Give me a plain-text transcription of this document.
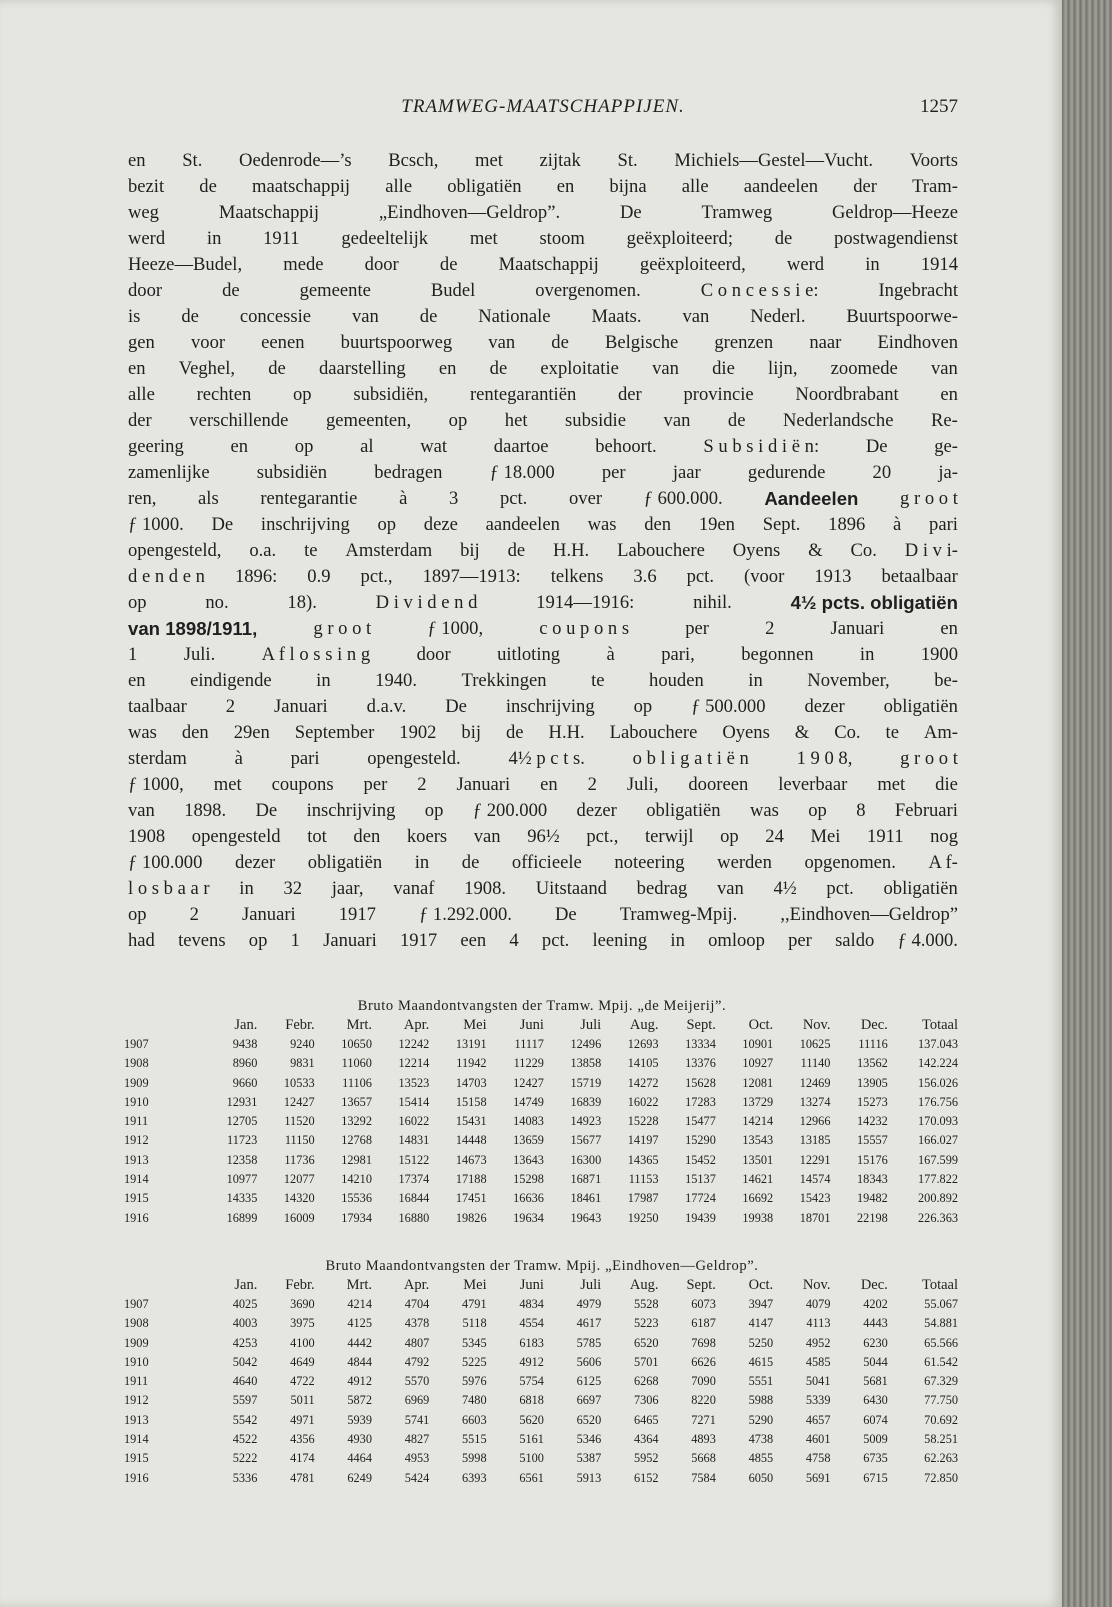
TRAMWEG-MAATSCHAPPIJEN.	1257
en St. Oedenrode—’s Bcsch, met zijtak St. Michiels—Gestel—Vucht. Voorts
bezit de maatschappij alle obligatiën en bijna alle aandeelen der Tram-
weg	Maatschappij	„Eindhoven—Geldrop”.	De	Tramweg	Geldrop—Heeze
werd in 1911 gedeeltelijk met stoom geëxploiteerd; de postwagendienst
Heeze—Budel, mede door de Maatschappij geëxploiteerd, werd in 1914
door	de	gemeente	Budel	overgenomen.	C o n c e s s i e:	Ingebracht
is de concessie van de Nationale Maats. van Nederl. Buurtspoorwe-
gen voor eenen buurtspoorweg van de Belgische grenzen naar Eindhoven
en Veghel, de daarstelling en de exploitatie van die lijn, zoomede van
alle rechten op subsidiën, rentegarantiën der provincie Noordbrabant en
der verschillende gemeenten, op het subsidie van de Nederlandsche Re-
geering	en	op	al	wat	daartoe	behoort.	S u b s i d i ë n:	De	ge-
zamenlijke	subsidiën	bedragen	ƒ 18.000	per	jaar	gedurende	20	ja-
ren, als rentegarantie à 3 pct. over ƒ 600.000. Aandeelen g r o o t
ƒ 1000. De inschrijving op deze aandeelen was den 19en Sept. 1896 à pari
opengesteld, o.a. te Amsterdam bij de H.H. Labouchere Oyens & Co. D i v i-
d e n d e n 1896: 0.9 pct., 1897—1913: telkens 3.6 pct. (voor 1913 betaalbaar
op	no.	18).	D i v i d e n d	1914—1916:	nihil.	4½ pcts. obligatiën
van 1898/1911,	g r o o t	ƒ 1000,	c o u p o n s	per	2	Januari	en
1 Juli. A f l o s s i n g door uitloting à pari, begonnen in 1900
en eindigende in 1940. Trekkingen te houden in November, be-
taalbaar 2 Januari d.a.v. De inschrijving op ƒ 500.000 dezer obligatiën
was den 29en September 1902 bij de H.H. Labouchere Oyens & Co. te Am-
sterdam	à	pari	opengesteld.	4½ p c t s.	o b l i g a t i ë n	1 9 0 8,	g r o o t
ƒ 1000, met coupons per 2 Januari en 2 Juli, dooreen leverbaar met die
van 1898. De inschrijving op ƒ 200.000 dezer obligatiën was op 8 Februari
1908 opengesteld tot den koers van 96½ pct., terwijl op 24 Mei 1911 nog
ƒ 100.000 dezer obligatiën in de officieele noteering werden opgenomen. A f-
l o s b a a r in 32 jaar, vanaf 1908. Uitstaand bedrag van 4½ pct. obligatiën
op 2 Januari 1917 ƒ 1.292.000. De Tramweg-Mpij. ,,Eindhoven—Geldrop”
had tevens op 1 Januari 1917 een 4 pct. leening in omloop per saldo ƒ 4.000.
Bruto Maandontvangsten der Tramw. Mpij. „de Meijerij”.
	Jan.	Febr.	Mrt.	Apr.	Mei	Juni	Juli	Aug.	Sept.	Oct.	Nov.	Dec.	Totaal
1907	9438	9240	10650	12242	13191	11117	12496	12693	13334	10901	10625	11116	137.043
1908	8960	9831	11060	12214	11942	11229	13858	14105	13376	10927	11140	13562	142.224
1909	9660	10533	11106	13523	14703	12427	15719	14272	15628	12081	12469	13905	156.026
1910	12931	12427	13657	15414	15158	14749	16839	16022	17283	13729	13274	15273	176.756
1911	12705	11520	13292	16022	15431	14083	14923	15228	15477	14214	12966	14232	170.093
1912	11723	11150	12768	14831	14448	13659	15677	14197	15290	13543	13185	15557	166.027
1913	12358	11736	12981	15122	14673	13643	16300	14365	15452	13501	12291	15176	167.599
1914	10977	12077	14210	17374	17188	15298	16871	11153	15137	14621	14574	18343	177.822
1915	14335	14320	15536	16844	17451	16636	18461	17987	17724	16692	15423	19482	200.892
1916	16899	16009	17934	16880	19826	19634	19643	19250	19439	19938	18701	22198	226.363
Bruto Maandontvangsten der Tramw. Mpij. „Eindhoven—Geldrop”.
	Jan.	Febr.	Mrt.	Apr.	Mei	Juni	Juli	Aug.	Sept.	Oct.	Nov.	Dec.	Totaal
1907	4025	3690	4214	4704	4791	4834	4979	5528	6073	3947	4079	4202	55.067
1908	4003	3975	4125	4378	5118	4554	4617	5223	6187	4147	4113	4443	54.881
1909	4253	4100	4442	4807	5345	6183	5785	6520	7698	5250	4952	6230	65.566
1910	5042	4649	4844	4792	5225	4912	5606	5701	6626	4615	4585	5044	61.542
1911	4640	4722	4912	5570	5976	5754	6125	6268	7090	5551	5041	5681	67.329
1912	5597	5011	5872	6969	7480	6818	6697	7306	8220	5988	5339	6430	77.750
1913	5542	4971	5939	5741	6603	5620	6520	6465	7271	5290	4657	6074	70.692
1914	4522	4356	4930	4827	5515	5161	5346	4364	4893	4738	4601	5009	58.251
1915	5222	4174	4464	4953	5998	5100	5387	5952	5668	4855	4758	6735	62.263
1916	5336	4781	6249	5424	6393	6561	5913	6152	7584	6050	5691	6715	72.850
